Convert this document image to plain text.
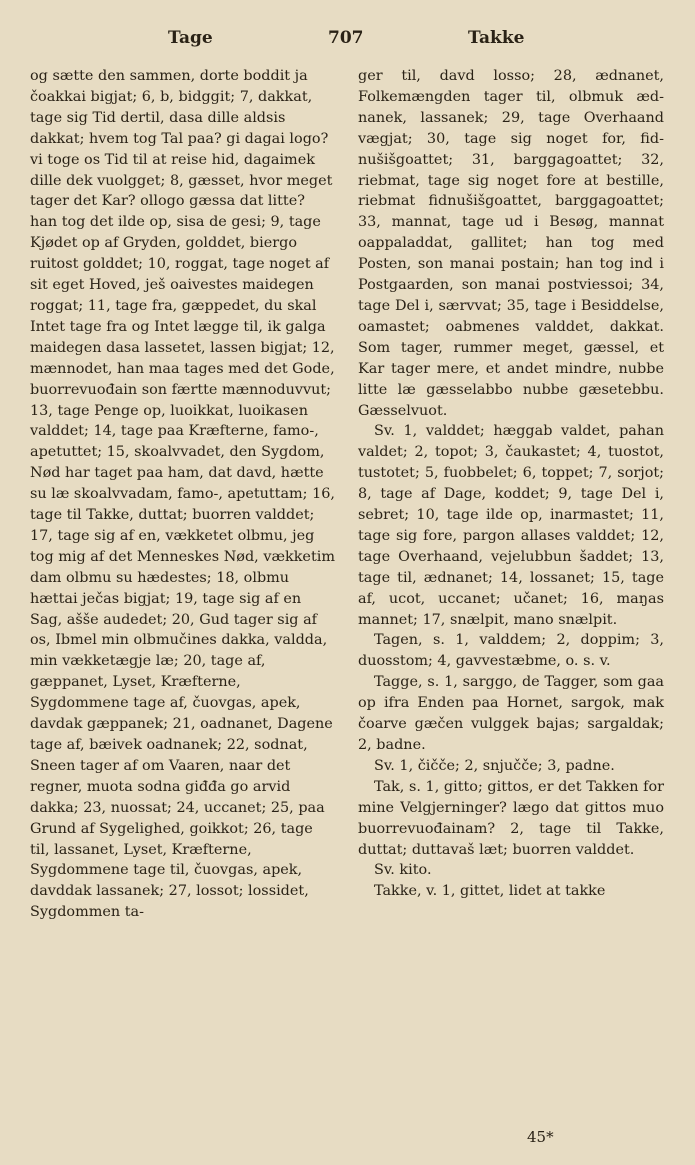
Tage	707	Takke

og sætte den sammen, dorte boddit ja čoakkai bigjat; 6, b, bidggit; 7, dakkat, tage sig Tid dertil, dasa dille aldsis dakkat; hvem tog Tal paa? gi dagai logo? vi toge os Tid til at reise hid, dagaimek dille dek vuolgget; 8, gæsset, hvor meget tager det Kar? ollogo gæssa dat litte? han tog det ilde op, sisa de gesi; 9, tage Kjødet op af Gryden, golddet, biergo ruitost golddet; 10, roggat, tage noget af sit eget Hoved, ješ oaivestes maidegen roggat; 11, tage fra, gæppedet, du skal Intet tage fra og Intet lægge til, ik galga maidegen dasa lassetet, lassen bigjat; 12, mænnodet, han maa tages med det Gode, buorrevuođain son færtte mænnoduvvut; 13, tage Penge op, luoikkat, luoikasen valddet; 14, tage paa Kræfterne, famo-, apetuttet; 15, skoalvvadet, den Sygdom, Nød har taget paa ham, dat davd, hætte su læ skoalvvadam, famo-, apetuttam; 16, tage til Takke, duttat; buorren valddet; 17, tage sig af en, vækketet olbmu, jeg tog mig af det Menneskes Nød, vækketim dam olbmu su hædestes; 18, olbmu hættai ječas bigjat; 19, tage sig af en Sag, ašše audedet; 20, Gud tager sig af os, Ibmel min olbmučines dakka, valdda, min vækketægje læ; 20, tage af, gæppanet, Lyset, Kræfterne, Sygdommene tage af, čuovgas, apek, davdak gæppanek; 21, oadnanet, Dagene tage af, bæivek oadnanek; 22, sodnat, Sneen tager af om Vaaren, naar det regner, muota sodna giđđa go arvid dakka; 23, nuossat; 24, uccanet; 25, paa Grund af Sygelighed, goikkot; 26, tage til, lassanet, Lyset, Kræfterne, Sygdommene tage til, čuovgas, apek, davddak lassanek; 27, lossot; lossidet, Sygdommen ta-

ger til, davd losso; 28, ædnanet, Folkemængden tager til, olbmuk ædnanek, lassanek; 29, tage Overhaand vægjat; 30, tage sig noget for, fidnušišgoattet; 31, barggagoattet; 32, riebmat, tage sig noget fore at bestille, riebmat fidnušišgoattet, barggagoattet; 33, mannat, tage ud i Besøg, mannat oappaladdat, gallitet; han tog med Posten, son manai postain; han tog ind i Postgaarden, son manai postviessoi; 34, tage Del i, særvvat; 35, tage i Besiddelse, oamastet; oabmenes valddet, dakkat. Som tager, rummer meget, gæssel, et Kar tager mere, et andet mindre, nubbe litte læ gæsselabbo nubbe gæsetebbu. Gæsselvuot.

Sv. 1, valddet; hæggab valdet, pahan valdet; 2, topot; 3, čaukastet; 4, tuostot, tustotet; 5, fuobbelet; 6, toppet; 7, sorjot; 8, tage af Dage, koddet; 9, tage Del i, sebret; 10, tage ilde op, inarmastet; 11, tage sig fore, pargon allases valddet; 12, tage Overhaand, vejelubbun šaddet; 13, tage til, ædnanet; 14, lossanet; 15, tage af, ucot, uccanet; učanet; 16, maŋas mannet; 17, snælpit, mano snælpit.

Tagen, s. 1, valddem; 2, doppim; 3, duosstom; 4, gavvestæbme, o. s. v.

Tagge, s. 1, sarggo, de Tagger, som gaa op ifra Enden paa Hornet, sargok, mak čoarve gæčen vulggek bajas; sargaldak; 2, badne.

Sv. 1, čičče; 2, snjučče; 3, padne.

Tak, s. 1, gitto; gittos, er det Takken for mine Velgjerninger? lægo dat gittos muo buorrevuođainam? 2, tage til Takke, duttat; duttavaš læt; buorren valddet.

Sv. kito.

Takke, v. 1, gittet, lidet at takke

45*
